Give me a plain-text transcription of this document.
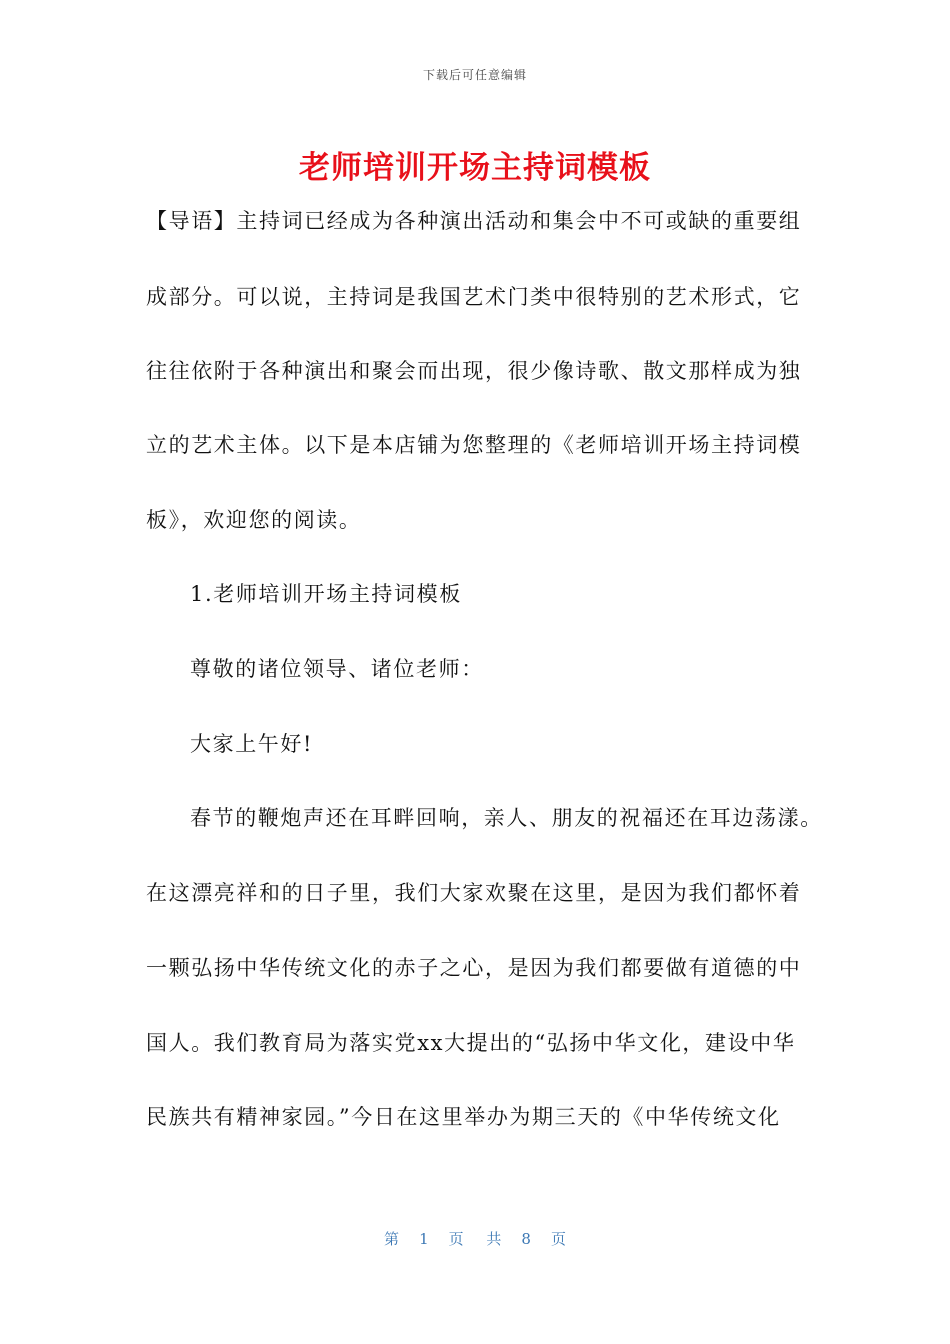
下载后可任意编辑
老师培训开场主持词模板
【导语】主持词已经成为各种演出活动和集会中不可或缺的重要组
成部分。可以说，主持词是我国艺术门类中很特别的艺术形式，它
往往依附于各种演出和聚会而出现，很少像诗歌、散文那样成为独
立的艺术主体。以下是本店铺为您整理的《老师培训开场主持词模
板》，欢迎您的阅读。
1.老师培训开场主持词模板
尊敬的诸位领导、诸位老师：
大家上午好!
春节的鞭炮声还在耳畔回响，亲人、朋友的祝福还在耳边荡漾。
在这漂亮祥和的日子里，我们大家欢聚在这里，是因为我们都怀着
一颗弘扬中华传统文化的赤子之心，是因为我们都要做有道德的中
国人。我们教育局为落实党xx大提出的“弘扬中华文化，建设中华
民族共有精神家园。”今日在这里举办为期三天的《中华传统文化
第 1 页 共 8 页
